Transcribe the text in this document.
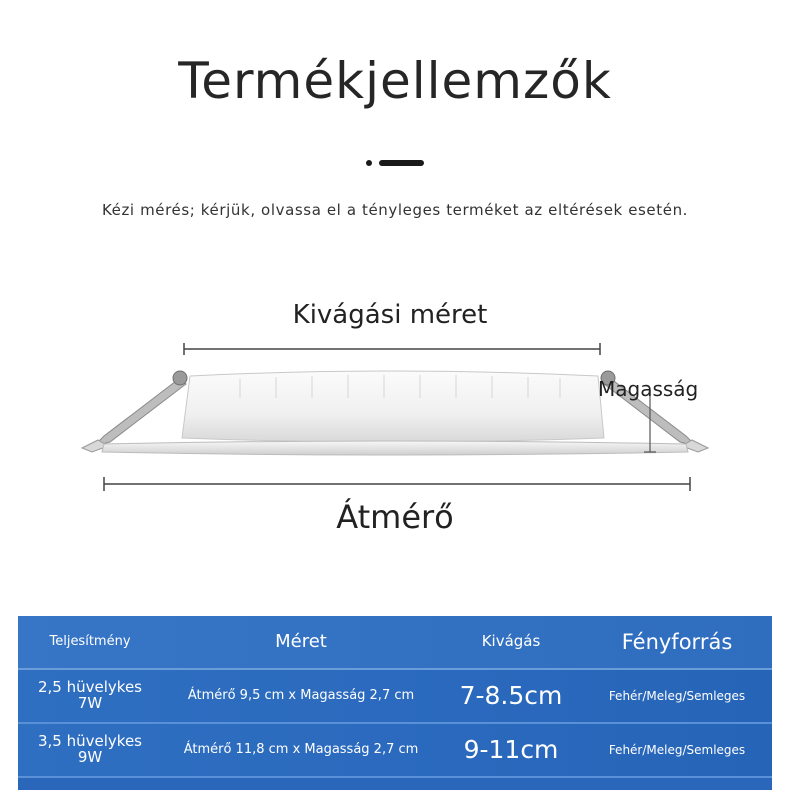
Termékjellemzők
Kézi mérés; kérjük, olvassa el a tényleges terméket az eltérések esetén.
Kivágási méret
Magasság
Átmérő
Teljesítmény	Méret	Kivágás	Fényforrás
2,5 hüvelykes
7W	Átmérő 9,5 cm x Magasság 2,7 cm	7-8.5cm	Fehér/Meleg/Semleges
3,5 hüvelykes
9W	Átmérő 11,8 cm x Magasság 2,7 cm	9-11cm	Fehér/Meleg/Semleges
